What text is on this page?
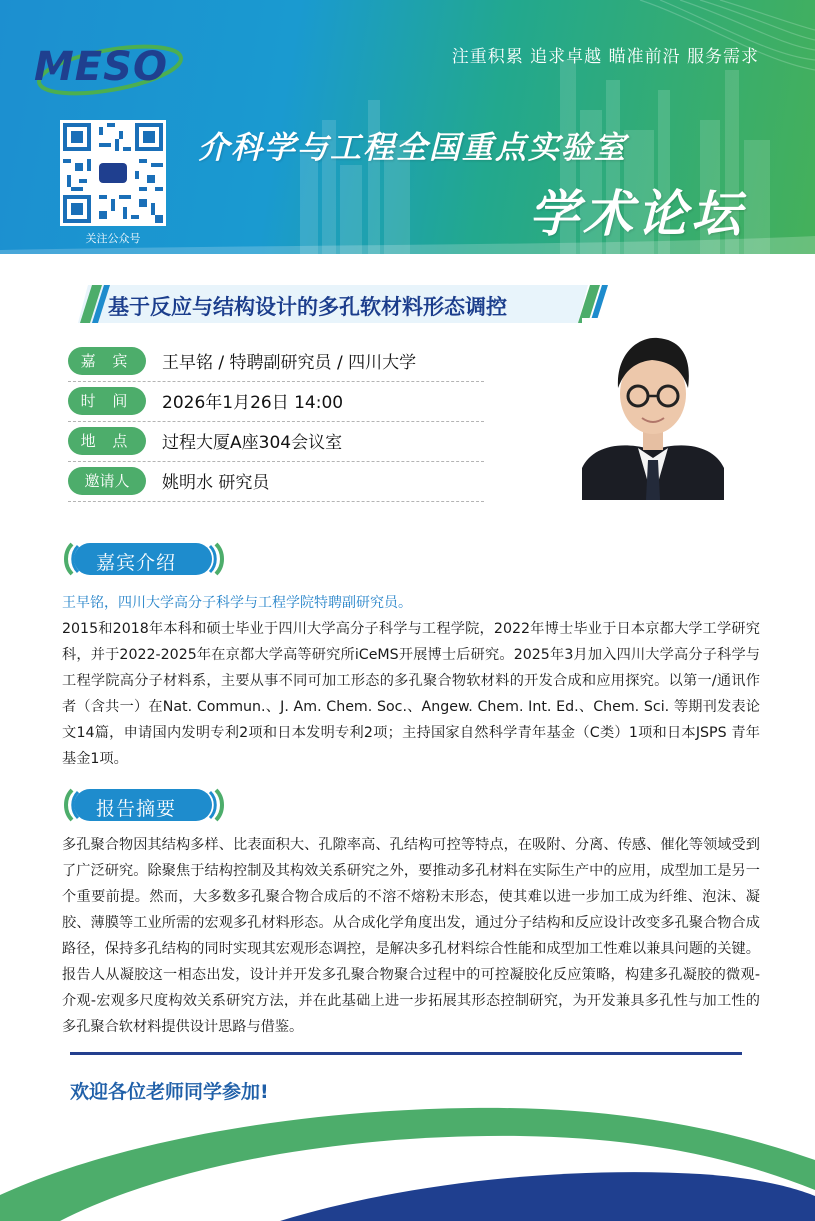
MESO	注重积累 追求卓越 瞄准前沿 服务需求
关注公众号
介科学与工程全国重点实验室
学术论坛
基于反应与结构设计的多孔软材料形态调控
嘉 宾	王早铭 / 特聘副研究员 / 四川大学
时 间	2026年1月26日 14:00
地 点	过程大厦A座304会议室
邀请人	姚明水 研究员
嘉宾介绍
王早铭，四川大学高分子科学与工程学院特聘副研究员。
2015和2018年本科和硕士毕业于四川大学高分子科学与工程学院，2022年博士毕业于日本京都大学工学研究科，并于2022-2025年在京都大学高等研究所iCeMS开展博士后研究。2025年3月加入四川大学高分子科学与工程学院高分子材料系，主要从事不同可加工形态的多孔聚合物软材料的开发合成和应用探究。以第一/通讯作者（含共一）在Nat. Commun.、J. Am. Chem. Soc.、Angew. Chem. Int. Ed.、Chem. Sci. 等期刊发表论文14篇，申请国内发明专利2项和日本发明专利2项；主持国家自然科学青年基金（C类）1项和日本JSPS 青年基金1项。
报告摘要
多孔聚合物因其结构多样、比表面积大、孔隙率高、孔结构可控等特点，在吸附、分离、传感、催化等领域受到了广泛研究。除聚焦于结构控制及其构效关系研究之外，要推动多孔材料在实际生产中的应用，成型加工是另一个重要前提。然而，大多数多孔聚合物合成后的不溶不熔粉末形态，使其难以进一步加工成为纤维、泡沫、凝胶、薄膜等工业所需的宏观多孔材料形态。从合成化学角度出发，通过分子结构和反应设计改变多孔聚合物合成路径，保持多孔结构的同时实现其宏观形态调控，是解决多孔材料综合性能和成型加工性难以兼具问题的关键。报告人从凝胶这一相态出发，设计并开发多孔聚合物聚合过程中的可控凝胶化反应策略，构建多孔凝胶的微观-介观-宏观多尺度构效关系研究方法，并在此基础上进一步拓展其形态控制研究，为开发兼具多孔性与加工性的多孔聚合软材料提供设计思路与借鉴。
欢迎各位老师同学参加!
